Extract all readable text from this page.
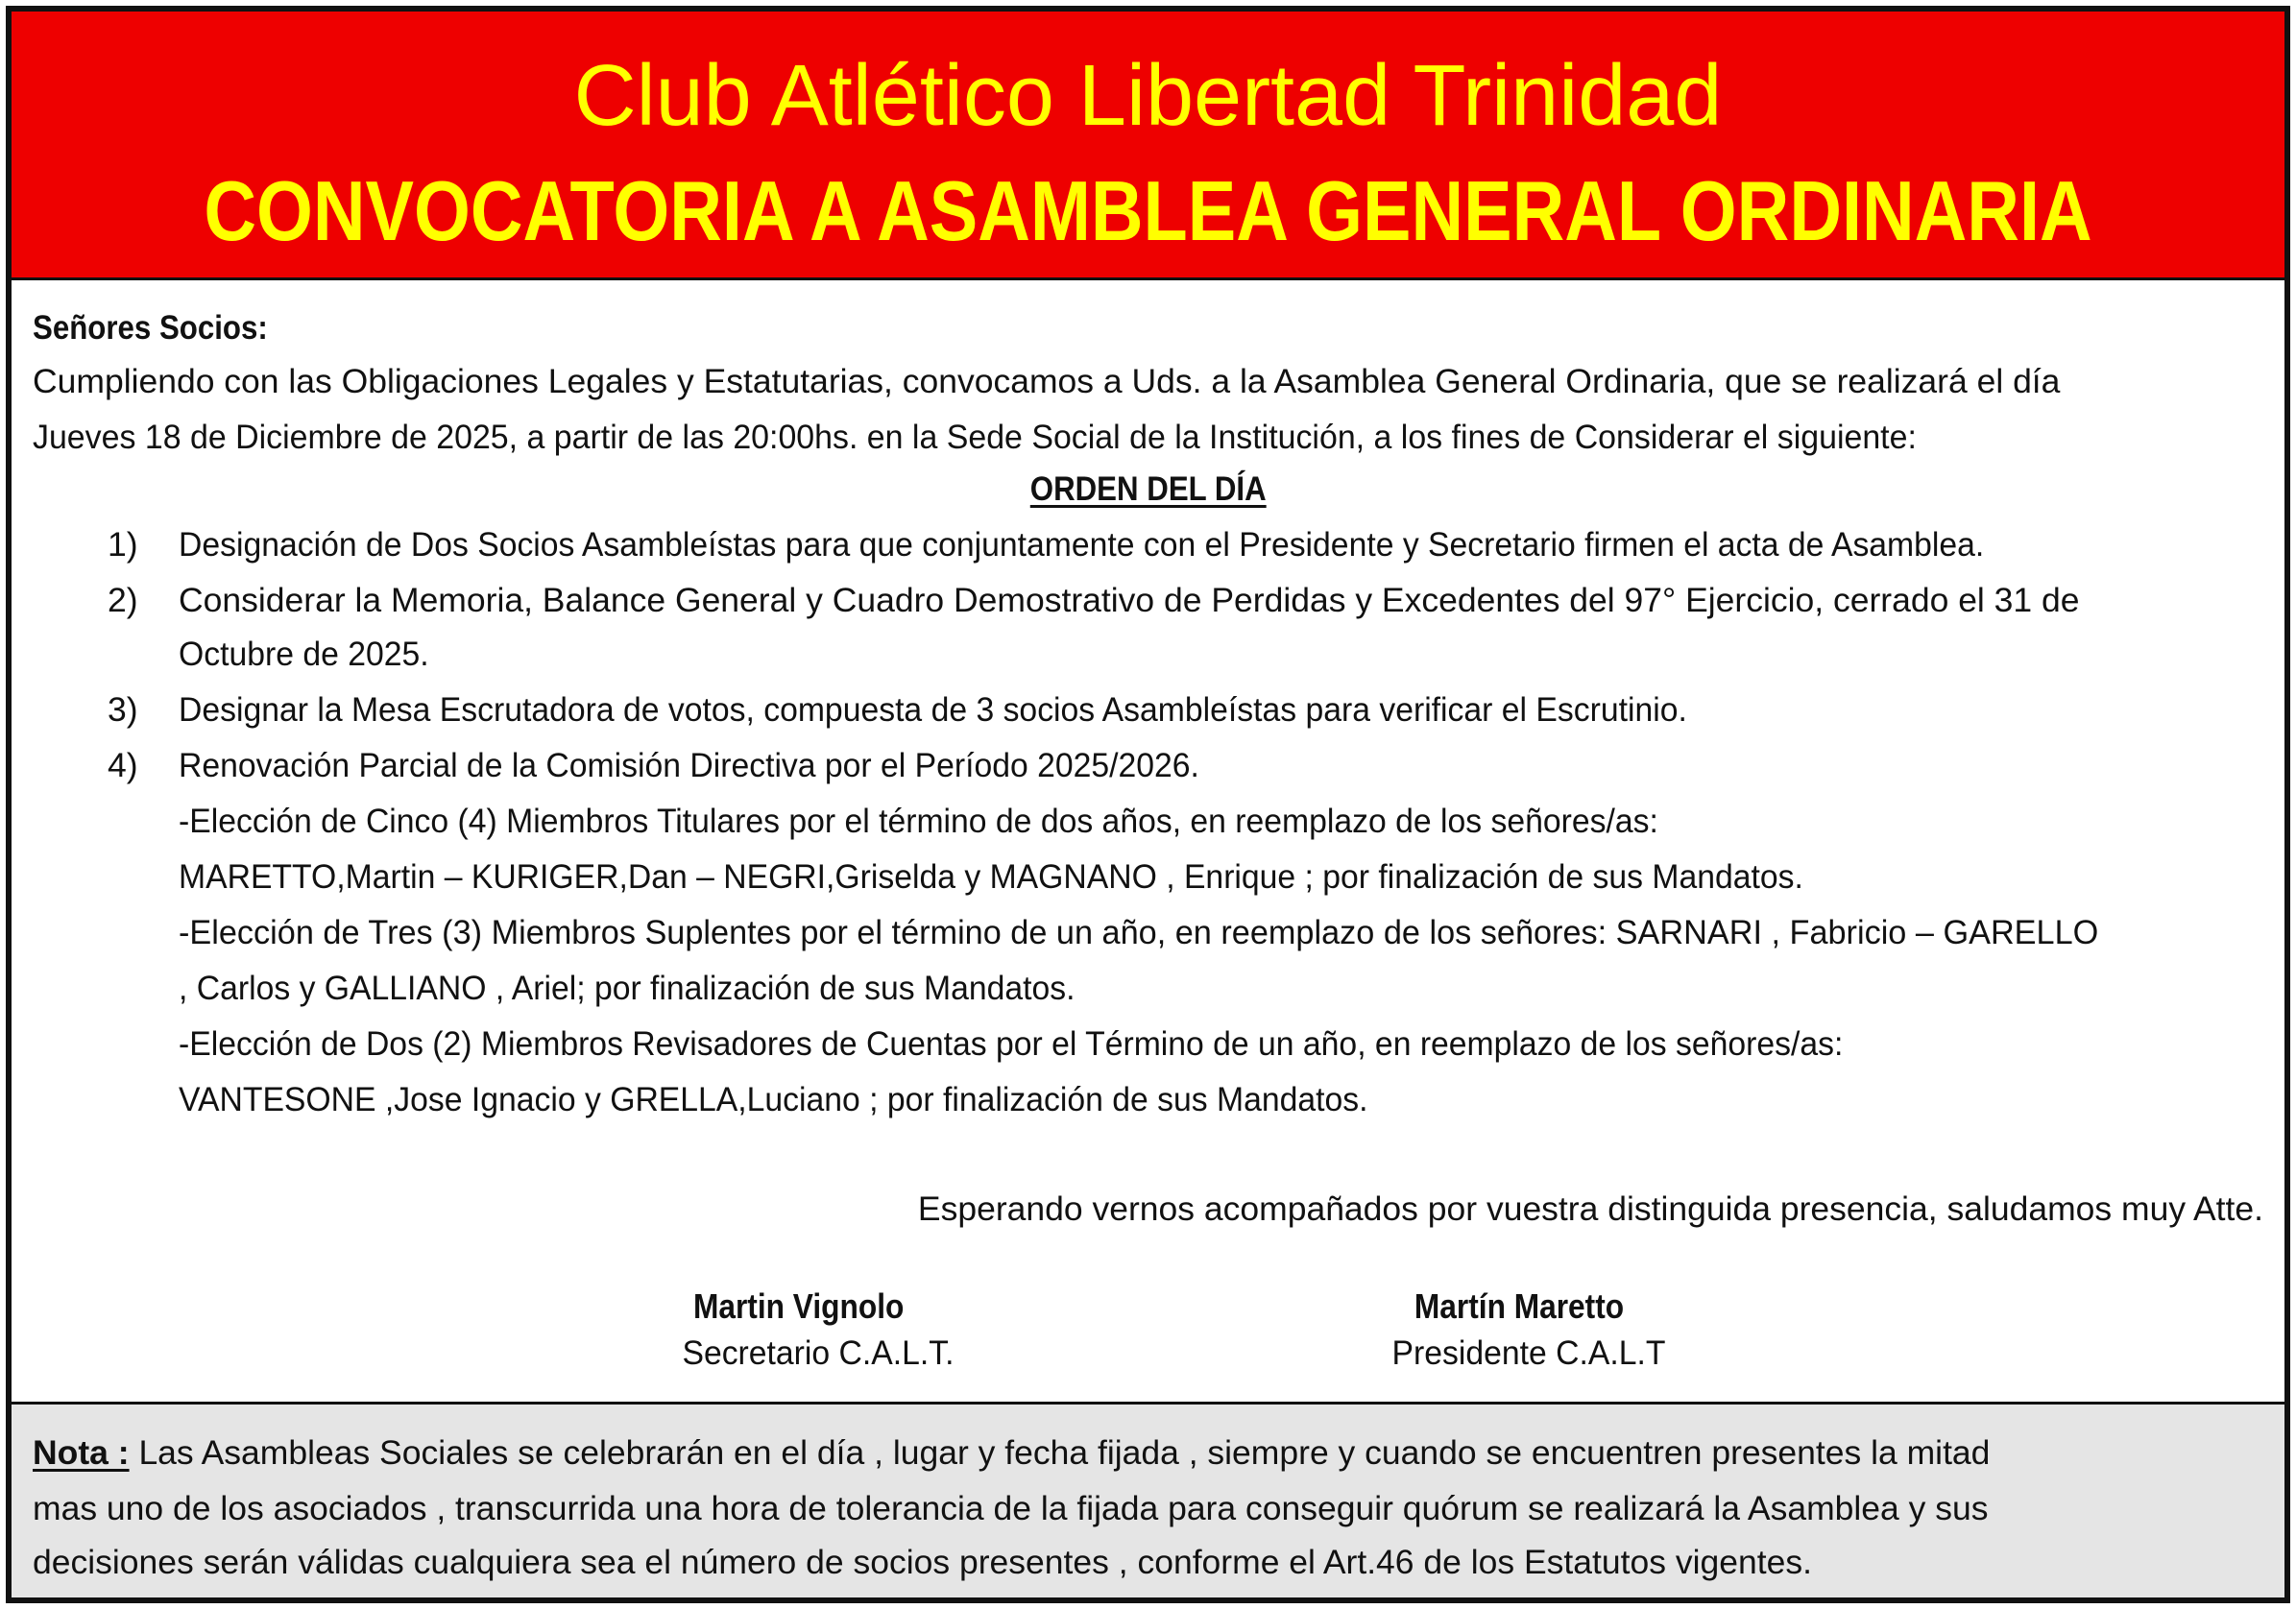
Club Atlético Libertad Trinidad
CONVOCATORIA A ASAMBLEA GENERAL ORDINARIA
Señores Socios:
Cumpliendo con las Obligaciones Legales y Estatutarias, convocamos a Uds. a la Asamblea General Ordinaria, que se realizará el día
Jueves 18 de Diciembre de 2025, a partir de las 20:00hs. en la Sede Social de la Institución, a los fines de Considerar el siguiente:
ORDEN DEL DÍA
1) Designación de Dos Socios Asambleístas para que conjuntamente con el Presidente y Secretario firmen el acta de Asamblea.
2) Considerar la Memoria, Balance General y Cuadro Demostrativo de Perdidas y Excedentes del 97° Ejercicio, cerrado el 31 de
Octubre de 2025.
3) Designar la Mesa Escrutadora de votos, compuesta de 3 socios Asambleístas para verificar el Escrutinio.
4) Renovación Parcial de la Comisión Directiva por el Período 2025/2026.
-Elección de Cinco (4) Miembros Titulares por el término de dos años, en reemplazo de los señores/as:
MARETTO,Martin – KURIGER,Dan – NEGRI,Griselda y MAGNANO , Enrique ; por finalización de sus Mandatos.
-Elección de Tres (3) Miembros Suplentes por el término de un año, en reemplazo de los señores: SARNARI , Fabricio – GARELLO
, Carlos y GALLIANO , Ariel; por finalización de sus Mandatos.
-Elección de Dos (2) Miembros Revisadores de Cuentas por el Término de un año, en reemplazo de los señores/as:
VANTESONE ,Jose Ignacio y GRELLA,Luciano ; por finalización de sus Mandatos.
Esperando vernos acompañados por vuestra distinguida presencia, saludamos muy Atte.
Martin Vignolo
Secretario C.A.L.T.
Martín Maretto
Presidente C.A.L.T
Nota : Las Asambleas Sociales se celebrarán en el día , lugar y fecha fijada , siempre y cuando se encuentren presentes la mitad
mas uno de los asociados , transcurrida una hora de tolerancia de la fijada para conseguir quórum se realizará la Asamblea y sus
decisiones serán válidas cualquiera sea el número de socios presentes , conforme el Art.46 de los Estatutos vigentes.
